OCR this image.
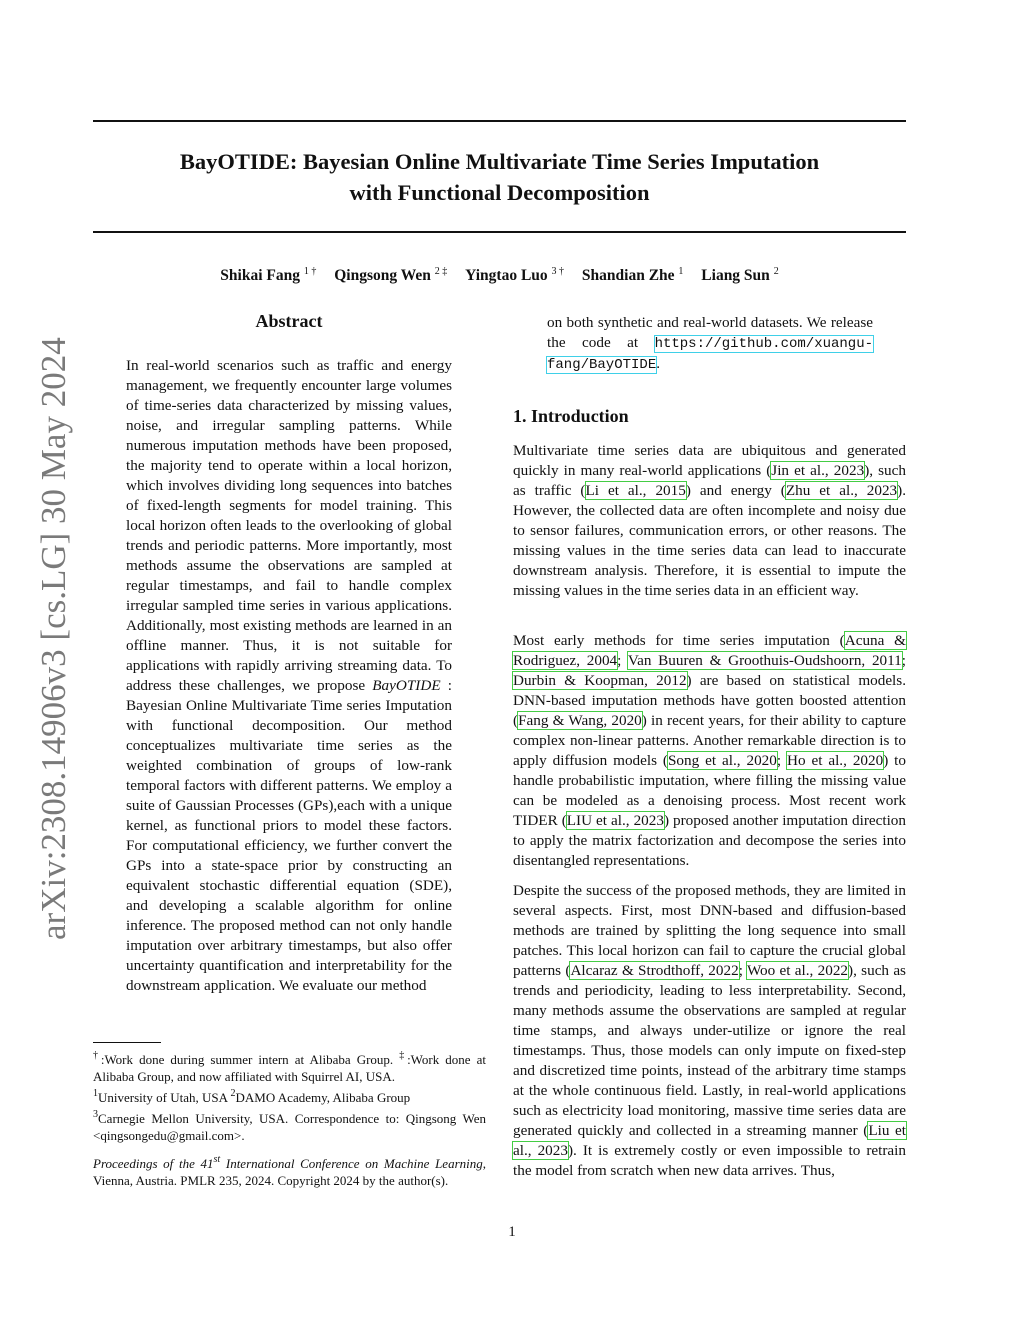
arXiv:2308.14906v3 [cs.LG] 30 May 2024
BayOTIDE: Bayesian Online Multivariate Time Series Imputation
with Functional Decomposition
Shikai Fang $^{1 \dagger}$ Qingsong Wen $^{2 \ddagger}$ Yingtao Luo $^{3 \dagger}$ Shandian Zhe $^1$ Liang Sun $^2$
Abstract

In real-world scenarios such as traffic and energy management, we frequently encounter large volumes of time-series data characterized by missing values, noise, and irregular sampling patterns. While numerous imputation methods have been proposed, the majority tend to operate within a local horizon, which involves dividing long sequences into batches of fixed-length segments for model training. This local horizon often leads to the overlooking of global trends and periodic patterns. More importantly, most methods assume the observations are sampled at regular timestamps, and fail to handle complex irregular sampled time series in various applications. Additionally, most existing methods are learned in an offline manner. Thus, it is not suitable for applications with rapidly arriving streaming data. To address these challenges, we propose BayOTIDE : Bayesian Online Multivariate Time series Imputation with functional decomposition. Our method conceptualizes multivariate time series as the weighted combination of groups of low-rank temporal factors with different patterns. We employ a suite of Gaussian Processes (GPs),each with a unique kernel, as functional priors to model these factors. For computational efficiency, we further convert the GPs into a state-space prior by constructing an equivalent stochastic differential equation (SDE), and developing a scalable algorithm for online inference. The proposed method can not only handle imputation over arbitrary timestamps, but also offer uncertainty quantification and interpretability for the downstream application. We evaluate our method

†:Work done during summer intern at Alibaba Group. ‡:Work done at Alibaba Group, and now affiliated with Squirrel AI, USA.
$^1$University of Utah, USA $^2$DAMO Academy, Alibaba Group
$^3$Carnegie Mellon University, USA. Correspondence to: Qingsong Wen <qingsongedu@gmail.com>.

Proceedings of the 41st International Conference on Machine Learning, Vienna, Austria. PMLR 235, 2024. Copyright 2024 by the author(s).

on both synthetic and real-world datasets. We release the code at https://github.com/xuangu-fang/BayOTIDE.

1. Introduction

Multivariate time series data are ubiquitous and generated quickly in many real-world applications (Jin et al., 2023), such as traffic (Li et al., 2015) and energy (Zhu et al., 2023). However, the collected data are often incomplete and noisy due to sensor failures, communication errors, or other reasons. The missing values in the time series data can lead to inaccurate downstream analysis. Therefore, it is essential to impute the missing values in the time series data in an efficient way.

Most early methods for time series imputation (Acuna & Rodriguez, 2004; Van Buuren & Groothuis-Oudshoorn, 2011; Durbin & Koopman, 2012) are based on statistical models. DNN-based imputation methods have gotten boosted attention (Fang & Wang, 2020) in recent years, for their ability to capture complex non-linear patterns. Another remarkable direction is to apply diffusion models (Song et al., 2020; Ho et al., 2020) to handle probabilistic imputation, where filling the missing value can be modeled as a denoising process. Most recent work TIDER (LIU et al., 2023) proposed another imputation direction to apply the matrix factorization and decompose the series into disentangled representations.

Despite the success of the proposed methods, they are limited in several aspects. First, most DNN-based and diffusion-based methods are trained by splitting the long sequence into small patches. This local horizon can fail to capture the crucial global patterns (Alcaraz & Strodthoff, 2022; Woo et al., 2022), such as trends and periodicity, leading to less interpretability. Second, many methods assume the observations are sampled at regular time stamps, and always under-utilize or ignore the real timestamps. Thus, those models can only impute on fixed-step and discretized time points, instead of the arbitrary time stamps at the whole continuous field. Lastly, in real-world applications such as electricity load monitoring, massive time series data are generated quickly and collected in a streaming manner (Liu et al., 2023). It is extremely costly or even impossible to retrain the model from scratch when new data arrives. Thus,

1
